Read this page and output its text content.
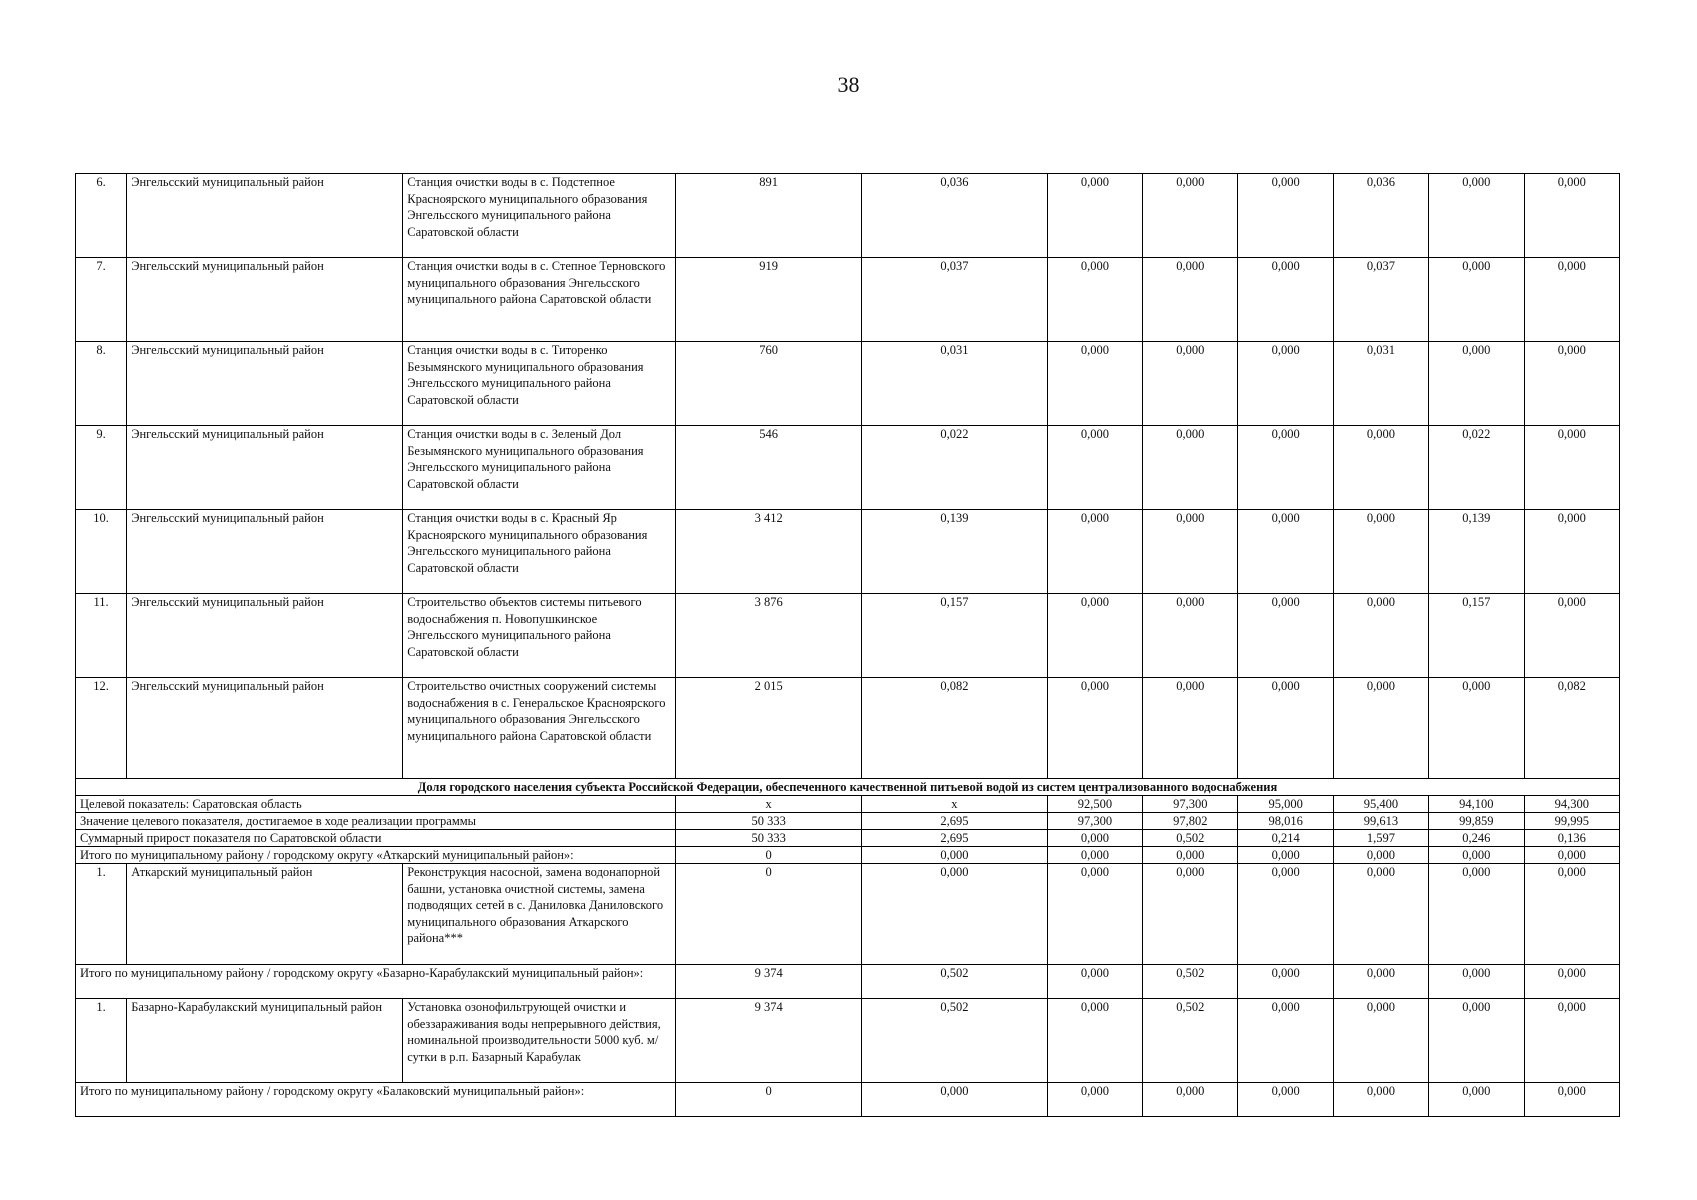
38
6.	Энгельсский муниципальный район	Станция очистки воды в с. Подстепное Красноярского муниципального образования Энгельсского муниципального района Саратовской области	891	0,036	0,000	0,000	0,000	0,036	0,000	0,000
7.	Энгельсский муниципальный район	Станция очистки воды в с. Степное Терновского муниципального образования Энгельсского муниципального района Саратовской области	919	0,037	0,000	0,000	0,000	0,037	0,000	0,000
8.	Энгельсский муниципальный район	Станция очистки воды в с. Титоренко Безымянского муниципального образования Энгельсского муниципального района Саратовской области	760	0,031	0,000	0,000	0,000	0,031	0,000	0,000
9.	Энгельсский муниципальный район	Станция очистки воды в с. Зеленый Дол Безымянского муниципального образования Энгельсского муниципального района Саратовской области	546	0,022	0,000	0,000	0,000	0,000	0,022	0,000
10.	Энгельсский муниципальный район	Станция очистки воды в с. Красный Яр Красноярского муниципального образования Энгельсского муниципального района Саратовской области	3 412	0,139	0,000	0,000	0,000	0,000	0,139	0,000
11.	Энгельсский муниципальный район	Строительство объектов системы питьевого водоснабжения п. Новопушкинское Энгельсского муниципального района Саратовской области	3 876	0,157	0,000	0,000	0,000	0,000	0,157	0,000
12.	Энгельсский муниципальный район	Строительство очистных сооружений системы водоснабжения в с. Генеральское Красноярского муниципального образования Энгельсского муниципального района Саратовской области	2 015	0,082	0,000	0,000	0,000	0,000	0,000	0,082
Доля городского населения субъекта Российской Федерации, обеспеченного качественной питьевой водой из систем централизованного водоснабжения										
Целевой показатель: Саратовская область			x	x	92,500	97,300	95,000	95,400	94,100	94,300
Значение целевого показателя, достигаемое в ходе реализации программы			50 333	2,695	97,300	97,802	98,016	99,613	99,859	99,995
Суммарный прирост показателя по Саратовской области			50 333	2,695	0,000	0,502	0,214	1,597	0,246	0,136
Итого по муниципальному району / городскому округу «Аткарский муниципальный район»:			0	0,000	0,000	0,000	0,000	0,000	0,000	0,000
1.	Аткарский муниципальный район	Реконструкция насосной, замена водонапорной башни, установка очистной системы, замена подводящих сетей в с. Даниловка Даниловского муниципального образования Аткарского района***	0	0,000	0,000	0,000	0,000	0,000	0,000	0,000
Итого по муниципальному району / городскому округу «Базарно-Карабулакский муниципальный район»:			9 374	0,502	0,000	0,502	0,000	0,000	0,000	0,000
1.	Базарно-Карабулакский муниципальный район	Установка озонофильтрующей очистки и обеззараживания воды непрерывного действия, номинальной производительности 5000 куб. м/сутки в р.п. Базарный Карабулак	9 374	0,502	0,000	0,502	0,000	0,000	0,000	0,000
Итого по муниципальному району / городскому округу «Балаковский муниципальный район»:			0	0,000	0,000	0,000	0,000	0,000	0,000	0,000
